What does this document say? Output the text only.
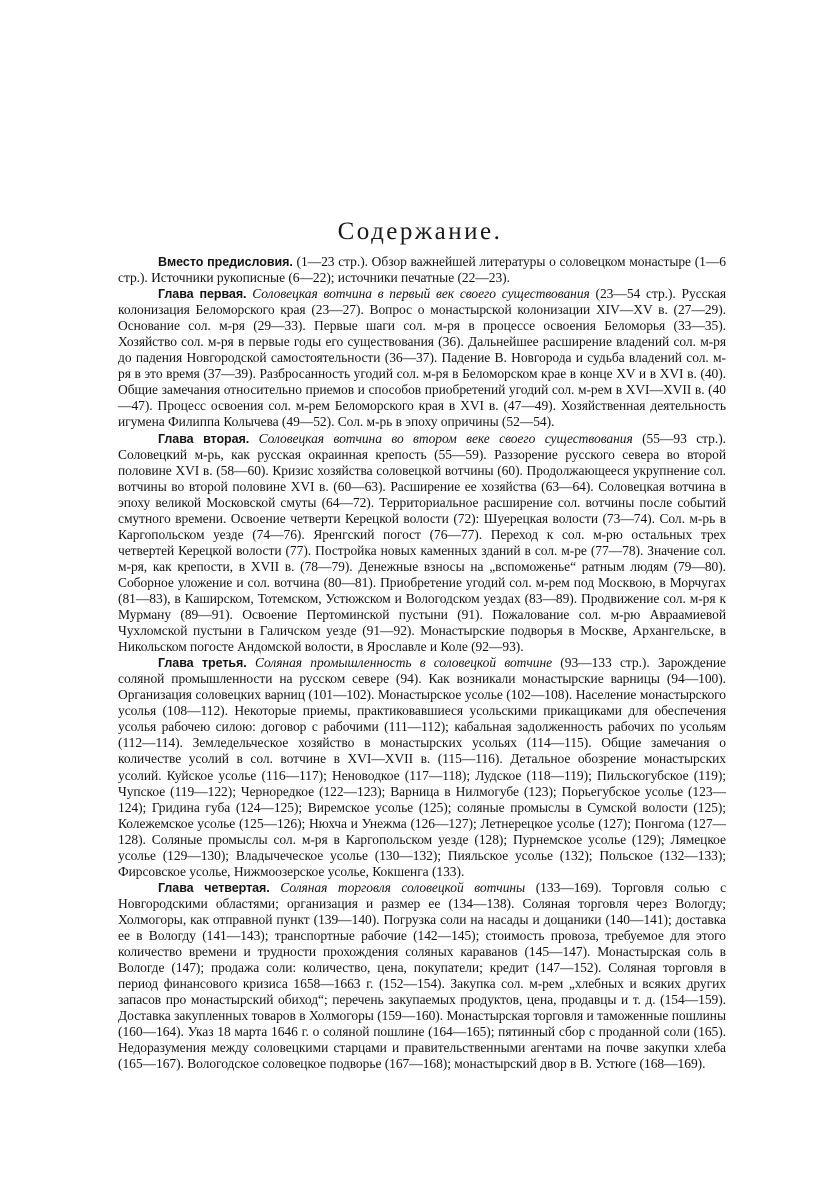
Содержание.

Вместо предисловия. (1—23 стр.). Обзор важнейшей литературы о соловецком монастыре (1—6 стр.). Источники рукописные (6—22); источники печатные (22—23).

Глава первая. Соловецкая вотчина в первый век своего существования (23—54 стр.). Русская колонизация Беломорского края (23—27). Вопрос о монастырской колонизации XIV—XV в. (27—29). Основание сол. м-ря (29—33). Первые шаги сол. м-ря в процессе освоения Беломорья (33—35). Хозяйство сол. м-ря в первые годы его существования (36). Дальнейшее расширение владений сол. м-ря до падения Новгородской самостоятельности (36—37). Падение В. Новгорода и судьба владений сол. м-ря в это время (37—39). Разбросанность угодий сол. м-ря в Беломорском крае в конце XV и в XVI в. (40). Общие замечания относительно приемов и способов приобретений угодий сол. м-рем в XVI—XVII в. (40—47). Процесс освоения сол. м-рем Беломорского края в XVI в. (47—49). Хозяйственная деятельность игумена Филиппа Колычева (49—52). Сол. м-рь в эпоху опричины (52—54).

Глава вторая. Соловецкая вотчина во втором веке своего существования (55—93 стр.). Соловецкий м-рь, как русская окраинная крепость (55—59). Раззорение русского севера во второй половине XVI в. (58—60). Кризис хозяйства соловецкой вотчины (60). Продолжающееся укрупнение сол. вотчины во второй половине XVI в. (60—63). Расширение ее хозяйства (63—64). Соловецкая вотчина в эпоху великой Московской смуты (64—72). Территориальное расширение сол. вотчины после событий смутного времени. Освоение четверти Керецкой волости (72): Шуерецкая волости (73—74). Сол. м-рь в Каргопольском уезде (74—76). Яренгский погост (76—77). Переход к сол. м-рю остальных трех четвертей Керецкой волости (77). Постройка новых каменных зданий в сол. м-ре (77—78). Значение сол. м-ря, как крепости, в XVII в. (78—79). Денежные взносы на „вспоможенье“ ратным людям (79—80). Соборное уложение и сол. вотчина (80—81). Приобретение угодий сол. м-рем под Москвою, в Морчугах (81—83), в Каширском, Тотемском, Устюжском и Вологодском уездах (83—89). Продвижение сол. м-ря к Мурману (89—91). Освоение Пертоминской пустыни (91). Пожалование сол. м-рю Авраамиевой Чухломской пустыни в Галичском уезде (91—92). Монастырские подворья в Москве, Архангельске, в Никольском погосте Андомской волости, в Ярославле и Коле (92—93).

Глава третья. Соляная промышленность в соловецкой вотчине (93—133 стр.). Зарождение соляной промышленности на русском севере (94). Как возникали монастырские варницы (94—100). Организация соловецких варниц (101—102). Монастырское усолье (102—108). Население монастырского усолья (108—112). Некоторые приемы, практиковавшиеся усольскими прикащиками для обеспечения усолья рабочею силою: договор с рабочими (111—112); кабальная задолженность рабочих по усольям (112—114). Земледельческое хозяйство в монастырских усольях (114—115). Общие замечания о количестве усолий в сол. вотчине в XVI—XVII в. (115—116). Детальное обозрение монастырских усолий. Куйское усолье (116—117); Неноводкое (117—118); Лудское (118—119); Пильскогубское (119); Чупское (119—122); Черноредкое (122—123); Варница в Нилмогубе (123); Порьегубское усолье (123—124); Гридина губа (124—125); Виремское усолье (125); соляные промыслы в Сумской волости (125); Колежемское усолье (125—126); Нюхча и Унежма (126—127); Летнерецкое усолье (127); Понгома (127—128). Соляные промыслы сол. м-ря в Каргопольском уезде (128); Пурнемское усолье (129); Лямецкое усолье (129—130); Владычеческое усолье (130—132); Пияльское усолье (132); Польское (132—133); Фирсовское усолье, Нижмоозерское усолье, Кокшенга (133).

Глава четвертая. Соляная торговля соловецкой вотчины (133—169). Торговля солью с Новгородскими областями; организация и размер ее (134—138). Соляная торговля через Вологду; Холмогоры, как отправной пункт (139—140). Погрузка соли на насады и дощаники (140—141); доставка ее в Вологду (141—143); транспортные рабочие (142—145); стоимость провоза, требуемое для этого количество времени и трудности прохождения соляных караванов (145—147). Монастырская соль в Вологде (147); продажа соли: количество, цена, покупатели; кредит (147—152). Соляная торговля в период финансового кризиса 1658—1663 г. (152—154). Закупка сол. м-рем „хлебных и всяких других запасов про монастырский обиход“; перечень закупаемых продуктов, цена, продавцы и т. д. (154—159). Доставка закупленных товаров в Холмогоры (159—160). Монастырская торговля и таможенные пошлины (160—164). Указ 18 марта 1646 г. о соляной пошлине (164—165); пятинный сбор с проданной соли (165). Недоразумения между соловецкими старцами и правительственными агентами на почве закупки хлеба (165—167). Вологодское соловецкое подворье (167—168); монастырский двор в В. Устюге (168—169).
